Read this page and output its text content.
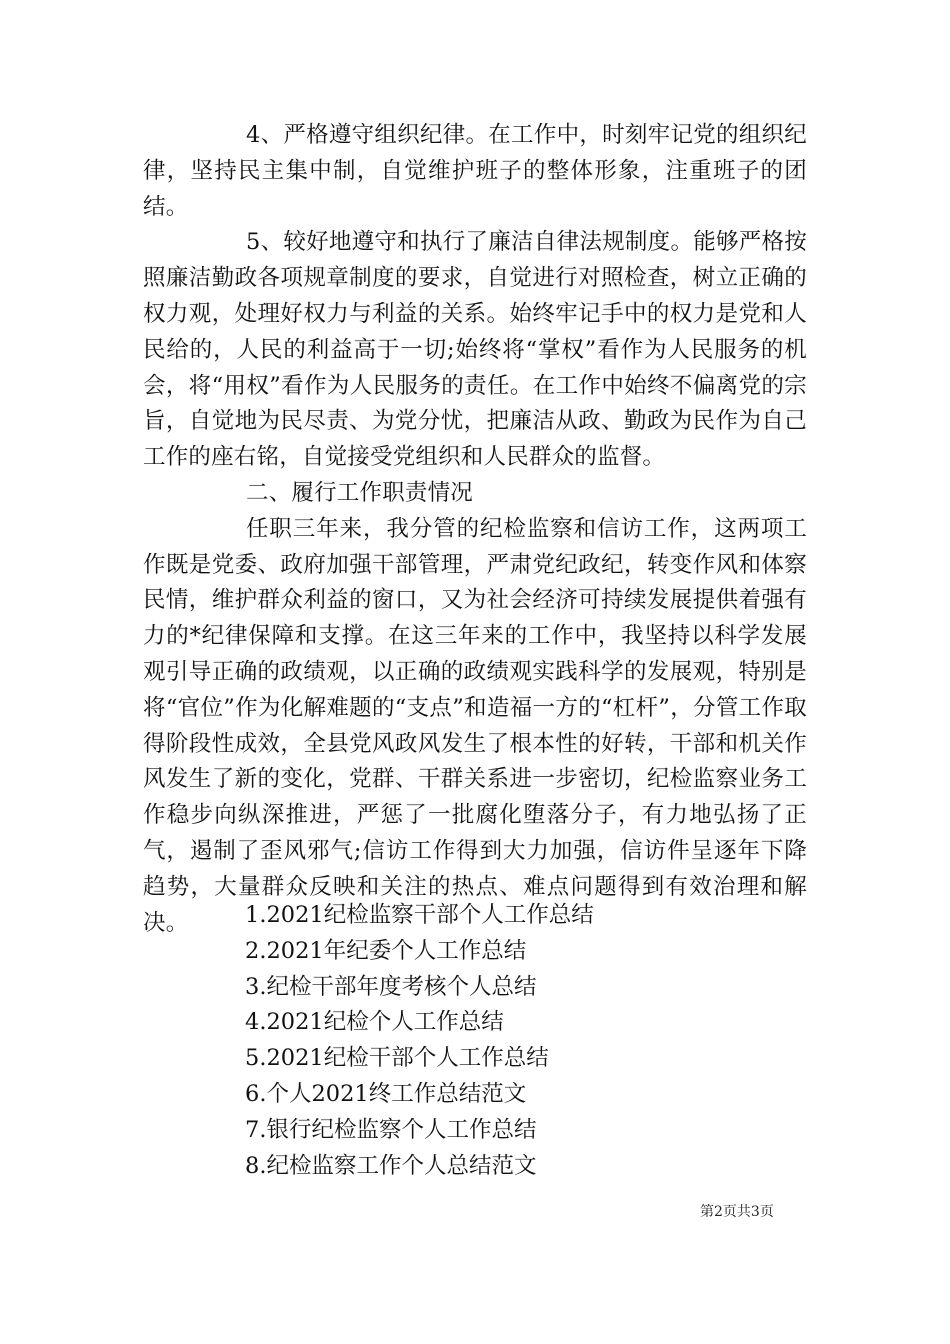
4、严格遵守组织纪律。在工作中，时刻牢记党的组织纪律，坚持民主集中制，自觉维护班子的整体形象，注重班子的团结。

5、较好地遵守和执行了廉洁自律法规制度。能够严格按照廉洁勤政各项规章制度的要求，自觉进行对照检查，树立正确的权力观，处理好权力与利益的关系。始终牢记手中的权力是党和人民给的，人民的利益高于一切;始终将“掌权”看作为人民服务的机会，将“用权”看作为人民服务的责任。在工作中始终不偏离党的宗旨，自觉地为民尽责、为党分忧，把廉洁从政、勤政为民作为自己工作的座右铭，自觉接受党组织和人民群众的监督。

二、履行工作职责情况

任职三年来，我分管的纪检监察和信访工作，这两项工作既是党委、政府加强干部管理，严肃党纪政纪，转变作风和体察民情，维护群众利益的窗口，又为社会经济可持续发展提供着强有力的*纪律保障和支撑。在这三年来的工作中，我坚持以科学发展观引导正确的政绩观，以正确的政绩观实践科学的发展观，特别是将“官位”作为化解难题的“支点”和造福一方的“杠杆”，分管工作取得阶段性成效，全县党风政风发生了根本性的好转，干部和机关作风发生了新的变化，党群、干群关系进一步密切，纪检监察业务工作稳步向纵深推进，严惩了一批腐化堕落分子，有力地弘扬了正气，遏制了歪风邪气;信访工作得到大力加强，信访件呈逐年下降趋势，大量群众反映和关注的热点、难点问题得到有效治理和解决。	1.2021纪检监察干部个人工作总结
2.2021年纪委个人工作总结
3.纪检干部年度考核个人总结
4.2021纪检个人工作总结
5.2021纪检干部个人工作总结
6.个人2021终工作总结范文
7.银行纪检监察个人工作总结
8.纪检监察工作个人总结范文
第2页共3页
